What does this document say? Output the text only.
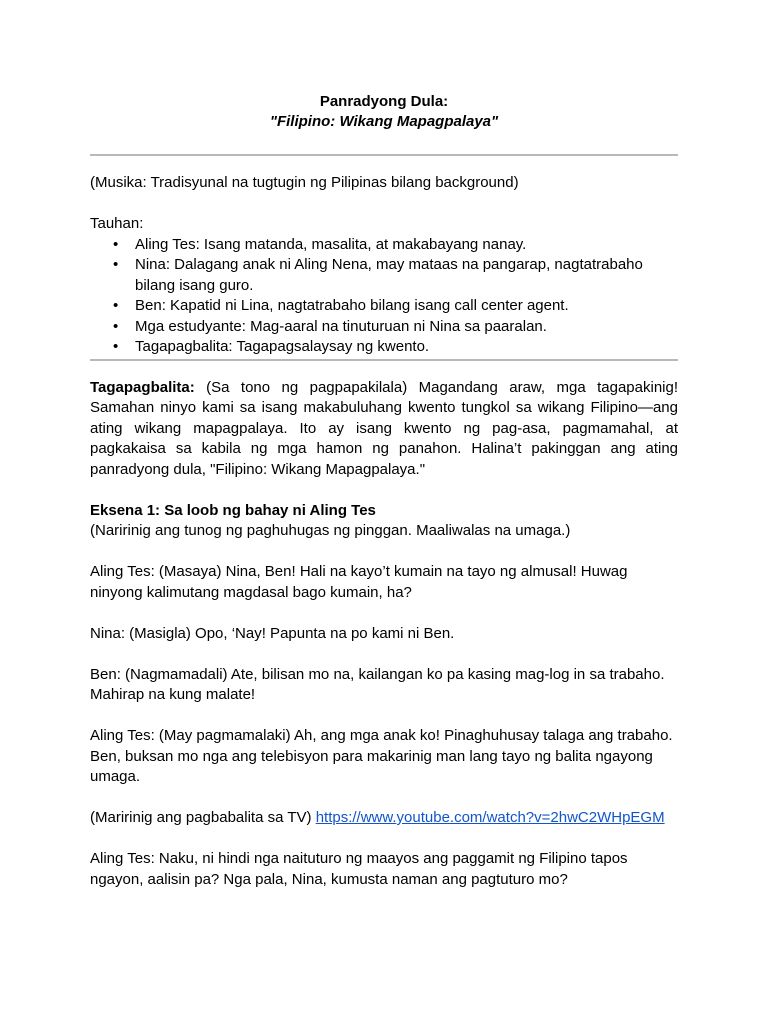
Panradyong Dula:
"Filipino: Wikang Mapagpalaya"

(Musika: Tradisyunal na tugtugin ng Pilipinas bilang background)

Tauhan:

• Aling Tes: Isang matanda, masalita, at makabayang nanay.
• Nina: Dalagang anak ni Aling Nena, may mataas na pangarap, nagtatrabaho bilang isang guro.
• Ben: Kapatid ni Lina, nagtatrabaho bilang isang call center agent.
• Mga estudyante: Mag-aaral na tinuturuan ni Nina sa paaralan.
• Tagapagbalita: Tagapagsalaysay ng kwento.

Tagapagbalita: (Sa tono ng pagpapakilala) Magandang araw, mga tagapakinig! Samahan ninyo kami sa isang makabuluhang kwento tungkol sa wikang Filipino—ang ating wikang mapagpalaya. Ito ay isang kwento ng pag-asa, pagmamahal, at pagkakaisa sa kabila ng mga hamon ng panahon. Halina’t pakinggan ang ating panradyong dula, "Filipino: Wikang Mapagpalaya."

Eksena 1: Sa loob ng bahay ni Aling Tes

(Naririnig ang tunog ng paghuhugas ng pinggan. Maaliwalas na umaga.)

Aling Tes: (Masaya) Nina, Ben! Hali na kayo’t kumain na tayo ng almusal! Huwag ninyong kalimutang magdasal bago kumain, ha?

Nina: (Masigla) Opo, ‘Nay! Papunta na po kami ni Ben.

Ben: (Nagmamadali) Ate, bilisan mo na, kailangan ko pa kasing mag-log in sa trabaho. Mahirap na kung malate!

Aling Tes: (May pagmamalaki) Ah, ang mga anak ko! Pinaghuhusay talaga ang trabaho. Ben, buksan mo nga ang telebisyon para makarinig man lang tayo ng balita ngayong umaga.

(Maririnig ang pagbabalita sa TV) https://www.youtube.com/watch?v=2hwC2WHpEGM

Aling Tes: Naku, ni hindi nga naituturo ng maayos ang paggamit ng Filipino tapos ngayon, aalisin pa? Nga pala, Nina, kumusta naman ang pagtuturo mo?
